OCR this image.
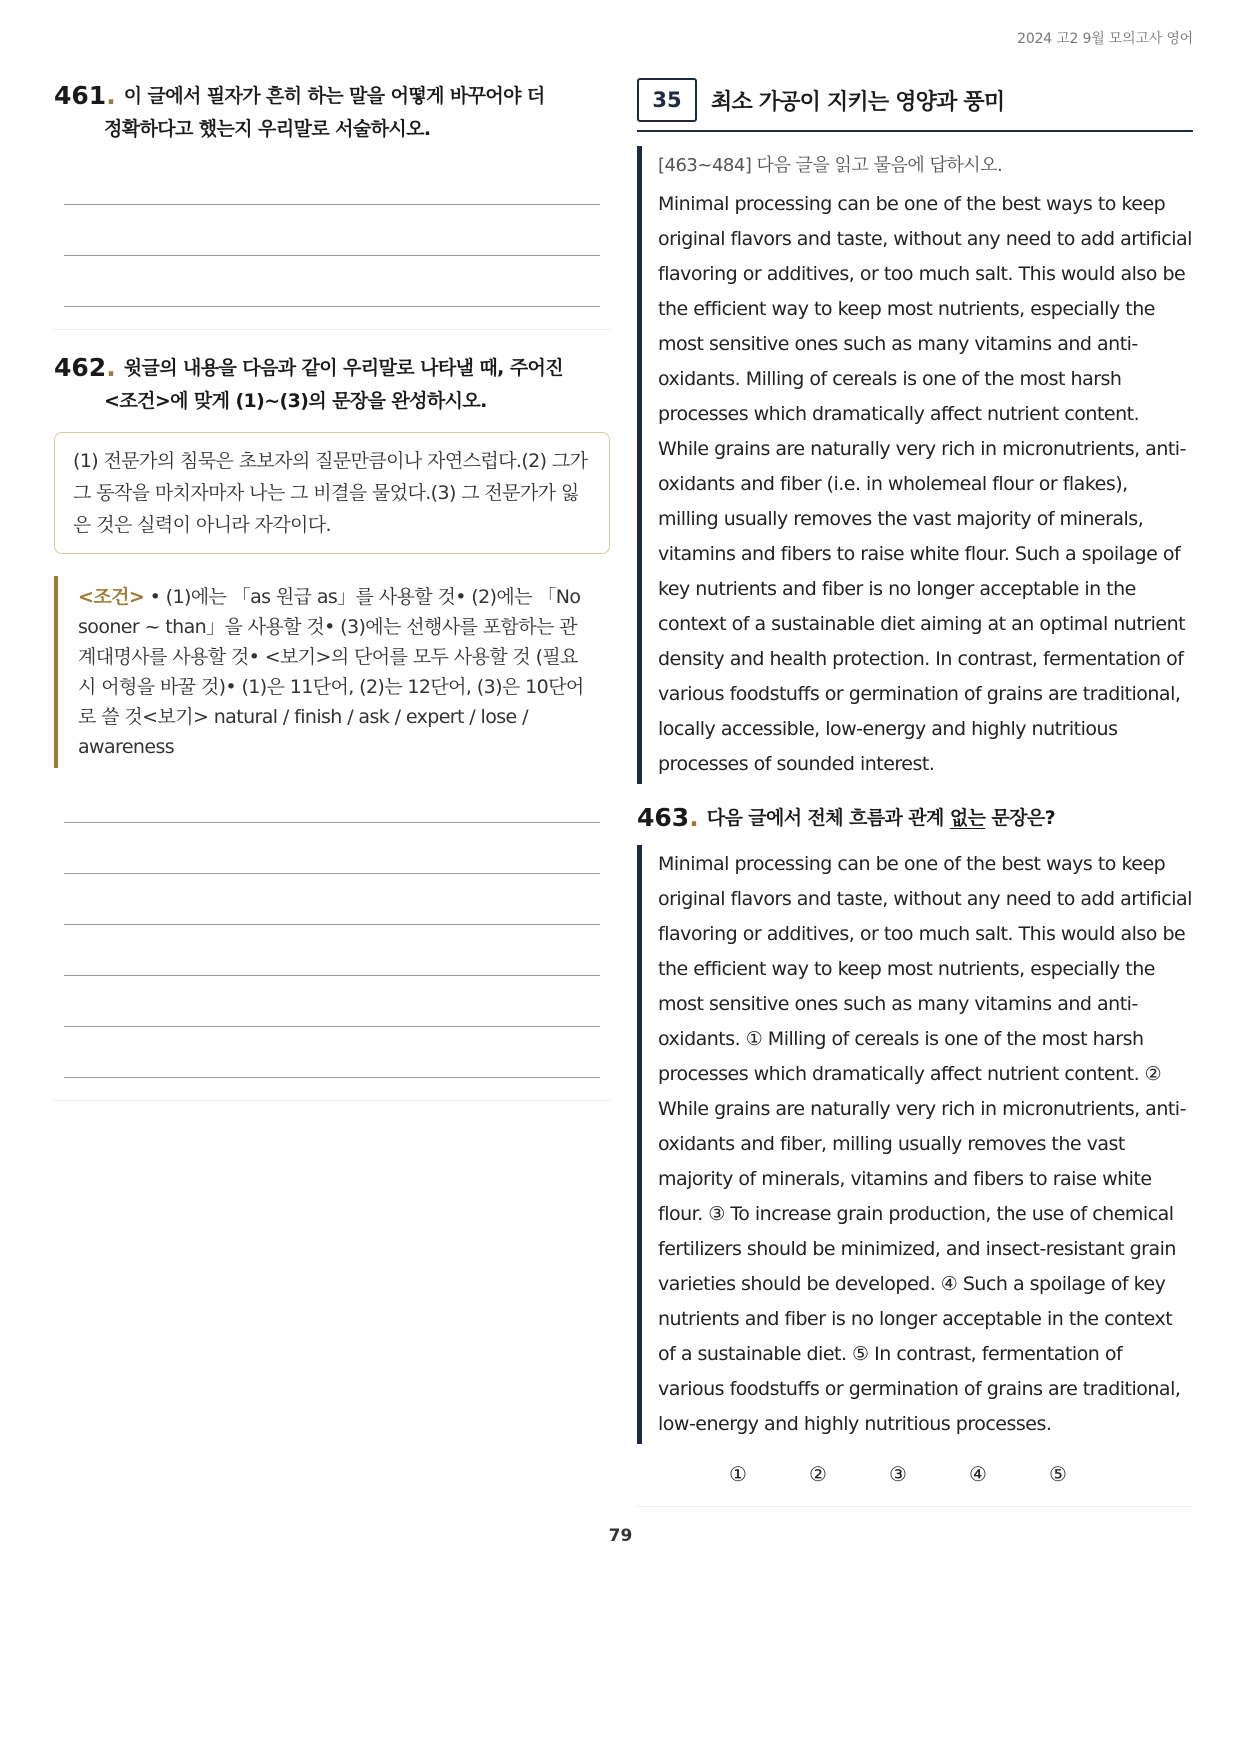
2024 고2 9월 모의고사 영어
461. 이 글에서 필자가 흔히 하는 말을 어떻게 바꾸어야 더
정확하다고 했는지 우리말로 서술하시오.
462. 윗글의 내용을 다음과 같이 우리말로 나타낼 때, 주어진
<조건>에 맞게 (1)~(3)의 문장을 완성하시오.
(1) 전문가의 침묵은 초보자의 질문만큼이나 자연스럽다.(2) 그가 그 동작을 마치자마자 나는 그 비결을 물었다.(3) 그 전문가가 잃은 것은 실력이 아니라 자각이다.
<조건> • (1)에는 「as 원급 as」를 사용할 것• (2)에는 「No sooner ~ than」을 사용할 것• (3)에는 선행사를 포함하는 관계대명사를 사용할 것• <보기>의 단어를 모두 사용할 것 (필요시 어형을 바꿀 것)• (1)은 11단어, (2)는 12단어, (3)은 10단어로 쓸 것<보기> natural / finish / ask / expert / lose / awareness
35	최소 가공이 지키는 영양과 풍미
[463~484] 다음 글을 읽고 물음에 답하시오.

Minimal processing can be one of the best ways to keep original flavors and taste, without any need to add artificial flavoring or additives, or too much salt. This would also be the efficient way to keep most nutrients, especially the most sensitive ones such as many vitamins and anti-oxidants. Milling of cereals is one of the most harsh processes which dramatically affect nutrient content. While grains are naturally very rich in micronutrients, anti-oxidants and fiber (i.e. in wholemeal flour or flakes), milling usually removes the vast majority of minerals, vitamins and fibers to raise white flour. Such a spoilage of key nutrients and fiber is no longer acceptable in the context of a sustainable diet aiming at an optimal nutrient density and health protection. In contrast, fermentation of various foodstuffs or germination of grains are traditional, locally accessible, low-energy and highly nutritious processes of sounded interest.

463. 다음 글에서 전체 흐름과 관계 없는 문장은?

Minimal processing can be one of the best ways to keep original flavors and taste, without any need to add artificial flavoring or additives, or too much salt. This would also be the efficient way to keep most nutrients, especially the most sensitive ones such as many vitamins and anti-oxidants. ① Milling of cereals is one of the most harsh processes which dramatically affect nutrient content. ② While grains are naturally very rich in micronutrients, anti-oxidants and fiber, milling usually removes the vast majority of minerals, vitamins and fibers to raise white flour. ③ To increase grain production, the use of chemical fertilizers should be minimized, and insect-resistant grain varieties should be developed. ④ Such a spoilage of key nutrients and fiber is no longer acceptable in the context of a sustainable diet. ⑤ In contrast, fermentation of various foodstuffs or germination of grains are traditional, low-energy and highly nutritious processes.

①	②	③	④	⑤
79
